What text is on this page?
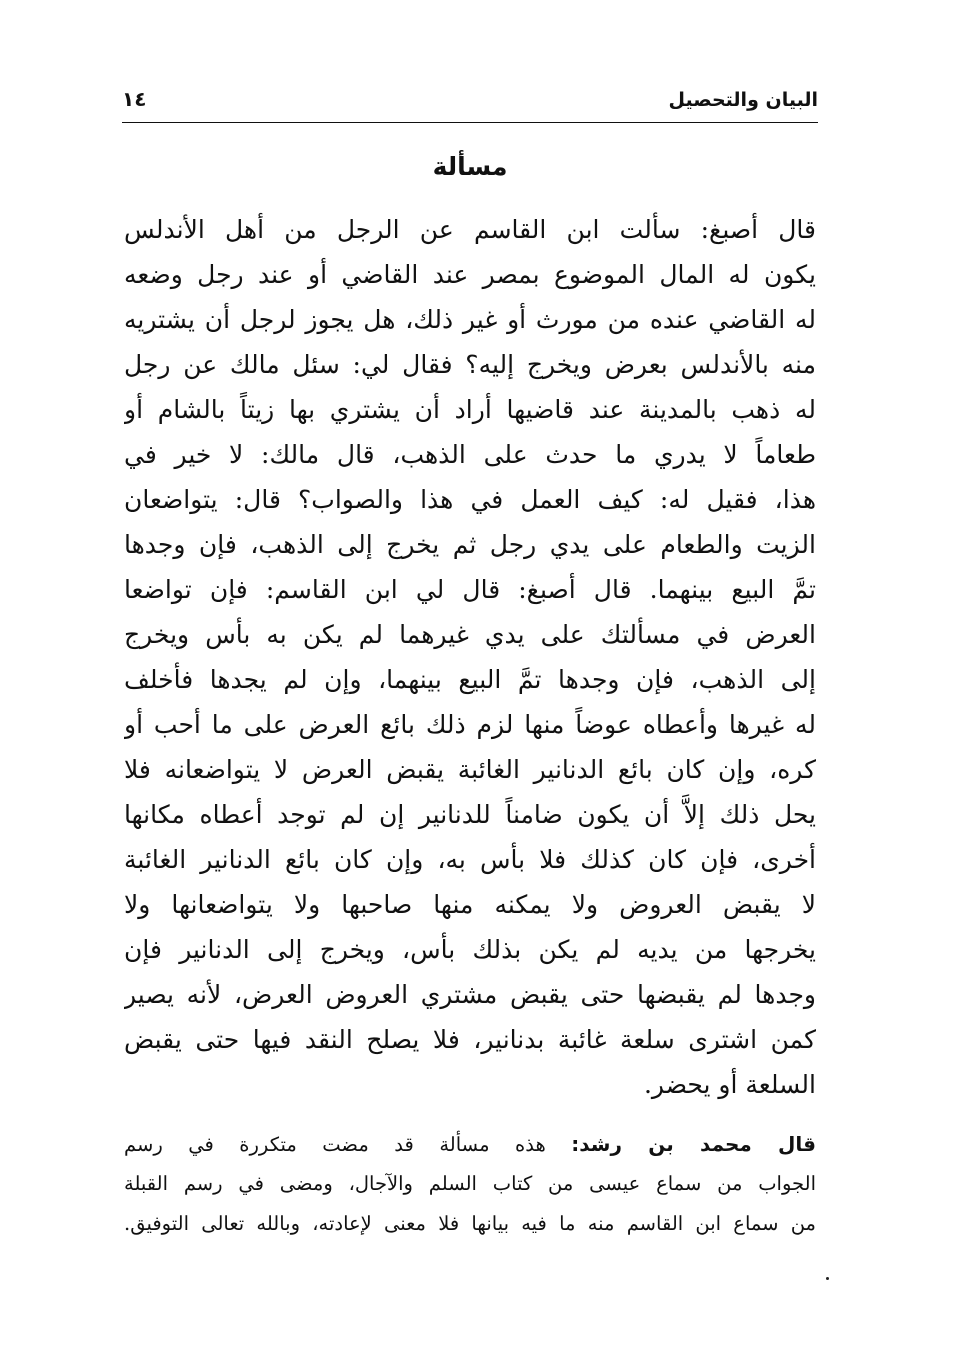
البيان والتحصيل
١٤
مسألة
قال أصبغ: سألت ابن القاسم عن الرجل من أهل الأندلس
يكون له المال الموضوع بمصر عند القاضي أو عند رجل وضعه
له القاضي عنده من مورث أو غير ذلك، هل يجوز لرجل أن يشتريه
منه بالأندلس بعرض ويخرج إليه؟ فقال لي: سئل مالك عن رجل
له ذهب بالمدينة عند قاضيها أراد أن يشتري بها زيتاً بالشام أو
طعاماً لا يدري ما حدث على الذهب، قال مالك: لا خير في
هذا، فقيل له: كيف العمل في هذا والصواب؟ قال: يتواضعان
الزيت والطعام على يدي رجل ثم يخرج إلى الذهب، فإن وجدها
تمَّ البيع بينهما. قال أصبغ: قال لي ابن القاسم: فإن تواضعا
العرض في مسألتك على يدي غيرهما لم يكن به بأس ويخرج
إلى الذهب، فإن وجدها تمَّ البيع بينهما، وإن لم يجدها فأخلف
له غيرها وأعطاه عوضاً منها لزم ذلك بائع العرض على ما أحب أو
كره، وإن كان بائع الدنانير الغائبة يقبض العرض لا يتواضعانه فلا
يحل ذلك إلاَّ أن يكون ضامناً للدنانير إن لم توجد أعطاه مكانها
أخرى، فإن كان كذلك فلا بأس به، وإن كان بائع الدنانير الغائبة
لا يقبض العروض ولا يمكنه منها صاحبها ولا يتواضعانها ولا
يخرجها من يديه لم يكن بذلك بأس، ويخرج إلى الدنانير فإن
وجدها لم يقبضها حتى يقبض مشتري العروض العرض، لأنه يصير
كمن اشترى سلعة غائبة بدنانير، فلا يصلح النقد فيها حتى يقبض
السلعة أو يحضر.
قال محمد بن رشد: هذه مسألة قد مضت متكررة في رسم
الجواب من سماع عيسى من كتاب السلم والآجال، ومضى في رسم القبلة
من سماع ابن القاسم منه ما فيه بيانها فلا معنى لإعادته، وبالله تعالى التوفيق.
